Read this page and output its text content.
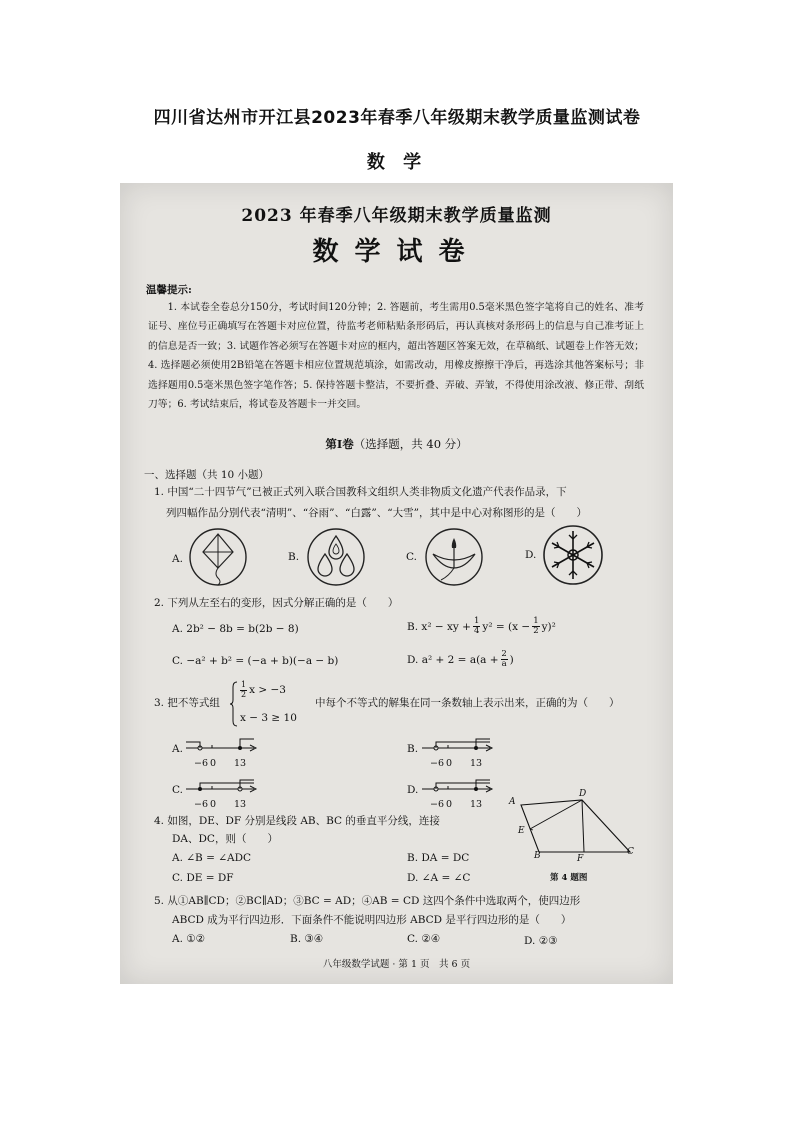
四川省达州市开江县2023年春季八年级期末教学质量监测试卷
数 学
2023 年春季八年级期末教学质量监测
数学试卷
温馨提示:
1. 本试卷全卷总分150分，考试时间120分钟；2. 答题前，考生需用0.5毫米黑色签字笔将自己的姓名、准考证号、座位号正确填写在答题卡对应位置，待监考老师粘贴条形码后，再认真核对条形码上的信息与自己准考证上的信息是否一致；3. 试题作答必须写在答题卡对应的框内，超出答题区答案无效，在草稿纸、试题卷上作答无效；4. 选择题必须使用2B铅笔在答题卡相应位置规范填涂，如需改动，用橡皮擦擦干净后，再选涂其他答案标号；非选择题用0.5毫米黑色签字笔作答；5. 保持答题卡整洁，不要折叠、弄破、弄皱，不得使用涂改液、修正带、刮纸刀等；6. 考试结束后，将试卷及答题卡一并交回。
第Ⅰ卷（选择题，共 40 分）
一、选择题（共 10 小题）
1. 中国“二十四节气”已被正式列入联合国教科文组织人类非物质文化遗产代表作品录，下
列四幅作品分别代表“清明”、“谷雨”、“白露”、“大雪”，其中是中心对称图形的是（　　）
A.	B.	C.	D.
2. 下列从左至右的变形，因式分解正确的是（　　）
A. 2b² − 8b = b(2b − 8)	B. x² − xy + $\frac{1}{4} y^2 = (x - \frac{1}{2} y)^2$
C. −a² + b² = (−a + b)(−a − b)	D. $a^2 + 2 = a(a + \frac{2}{a}$ )
3. 把不等式组
$\frac{1}{2}$ x > −3
x − 3 ≥ 10
中每个不等式的解集在同一条数轴上表示出来，正确的为（　　）
A.	B.
C.	D.
−6 0 13	−6 0 13
−6 0 13	−6 0 13
4. 如图，DE、DF 分别是线段 AB、BC 的垂直平分线，连接
DA、DC，则（　　）
A. ∠B = ∠ADC	B. DA = DC
C. DE = DF	D. ∠A = ∠C
A
D
E
B	F
C
第 4 题图
5. 从①AB∥CD；②BC∥AD；③BC = AD；④AB = CD 这四个条件中选取两个，使四边形
ABCD 成为平行四边形．下面条件不能说明四边形 ABCD 是平行四边形的是（　　）
A. ①②	B. ③④	C. ②④	D. ②③
八年级数学试题 · 第 1 页　共 6 页
